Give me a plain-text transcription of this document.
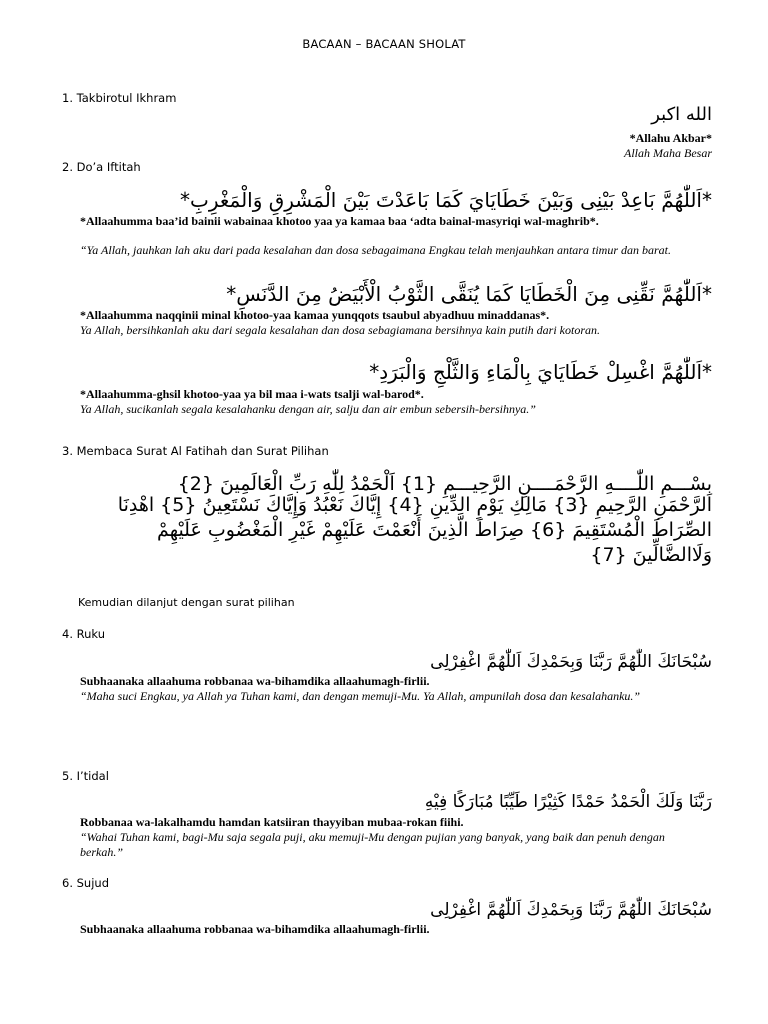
BACAAN – BACAAN SHOLAT
1. Takbirotul Ikhram
الله اكبر
*Allahu Akbar*
Allah Maha Besar
2. Do’a Iftitah
*اَللّٰهُمَّ بَاعِدْ بَيْنِى وَبَيْنَ خَطَايَايَ كَمَا بَاعَدْتَ بَيْنَ الْمَشْرِقِ وَالْمَغْرِبِ*
*Allaahumma baa’id bainii wabainaa khotoo yaa ya kamaa baa ‘adta bainal-masyriqi wal-maghrib*.
“Ya Allah, jauhkan lah aku dari pada kesalahan dan dosa sebagaimana Engkau telah menjauhkan antara timur dan barat.
*اَللّٰهُمَّ نَقِّنِى مِنَ الْخَطَايَا كَمَا يُنَقَّى الثَّوْبُ الْأَبْيَضُ مِنَ الدَّنَسِ*
*Allaahumma naqqinii minal khotoo-yaa kamaa yunqqots tsaubul abyadhuu minaddanas*.
Ya Allah, bersihkanlah aku dari segala kesalahan dan dosa sebagiamana bersihnya kain putih dari kotoran.
*اَللّٰهُمَّ اغْسِلْ خَطَايَايَ بِالْمَاءِ وَالثَّلْجِ وَالْبَرَدِ*
*Allaahumma-ghsil khotoo-yaa ya bil maa i-wats tsalji wal-barod*.
Ya Allah, sucikanlah segala kesalahanku dengan air, salju dan air embun sebersih-bersihnya.”
3. Membaca Surat Al Fatihah dan Surat Pilihan
بِسْـــمِ اللّٰــــهِ الرَّحْمَــــنِ الرَّحِيـــمِ {1} اَلْحَمْدُ لِلّٰهِ رَبِّ الْعَالَمِينَ {2}
الرَّحْمَنِ الرَّحِيمِ {3} مَالِكِ يَوْمِ الدِّينِ {4} إِيَّاكَ نَعْبُدُ وَإِيَّاكَ نَسْتَعِينُ {5} اهْدِنَا
الصِّرَاطَ الْمُسْتَقِيمَ {6} صِرَاطَ الَّذِينَ أَنْعَمْتَ عَلَيْهِمْ غَيْرِ الْمَغْضُوبِ عَلَيْهِمْ
وَلَاالضَّالِّينَ {7}
Kemudian dilanjut dengan surat pilihan
4. Ruku
سُبْحَانَكَ اللّٰهُمَّ رَبَّنَا وَبِحَمْدِكَ اَللّٰهُمَّ اغْفِرْلِى
Subhaanaka allaahuma robbanaa wa-bihamdika allaahumagh-firlii.
“Maha suci Engkau, ya Allah ya Tuhan kami, dan dengan memuji-Mu. Ya Allah, ampunilah dosa dan kesalahanku.”
5. I’tidal
رَبَّنَا وَلَكَ الْحَمْدُ حَمْدًا كَثِيْرًا طَيِّبًا مُبَارَكًا فِيْهِ
Robbanaa wa-lakalhamdu hamdan katsiiran thayyiban mubaa-rokan fiihi.
“Wahai Tuhan kami, bagi-Mu saja segala puji, aku memuji-Mu dengan pujian yang banyak, yang baik dan penuh dengan berkah.”
6. Sujud
سُبْحَانَكَ اللّٰهُمَّ رَبَّنَا وَبِحَمْدِكَ اَللّٰهُمَّ اغْفِرْلِى
Subhaanaka allaahuma robbanaa wa-bihamdika allaahumagh-firlii.
